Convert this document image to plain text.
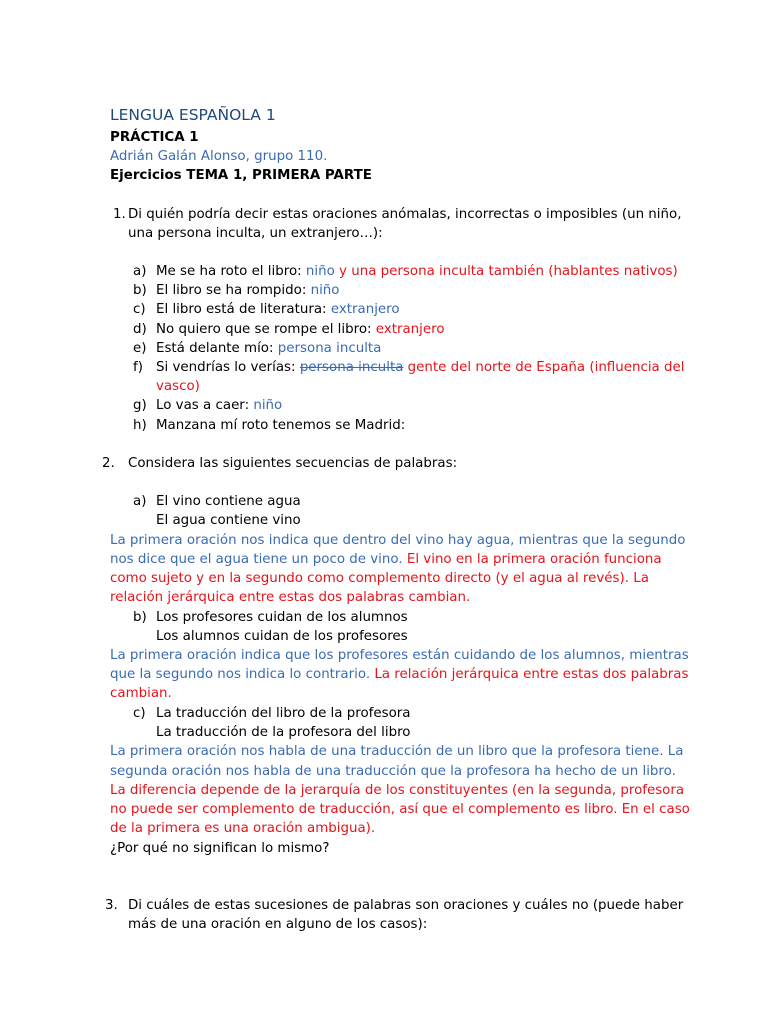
LENGUA ESPAÑOLA 1
PRÁCTICA 1
Adrián Galán Alonso, grupo 110.
Ejercicios TEMA 1, PRIMERA PARTE
1. Di quién podría decir estas oraciones anómalas, incorrectas o imposibles (un niño,
una persona inculta, un extranjero…):
a) Me se ha roto el libro: niño y una persona inculta también (hablantes nativos)
b) El libro se ha rompido: niño
c) El libro está de literatura: extranjero
d) No quiero que se rompe el libro: extranjero
e) Está delante mío: persona inculta
f) Si vendrías lo verías: persona inculta gente del norte de España (influencia del
vasco)
g) Lo vas a caer: niño
h) Manzana mí roto tenemos se Madrid:
2. Considera las siguientes secuencias de palabras:
a) El vino contiene agua
El agua contiene vino
La primera oración nos indica que dentro del vino hay agua, mientras que la segundo
nos dice que el agua tiene un poco de vino. El vino en la primera oración funciona
como sujeto y en la segundo como complemento directo (y el agua al revés). La
relación jerárquica entre estas dos palabras cambian.
b) Los profesores cuidan de los alumnos
Los alumnos cuidan de los profesores
La primera oración indica que los profesores están cuidando de los alumnos, mientras
que la segundo nos indica lo contrario. La relación jerárquica entre estas dos palabras
cambian.
c) La traducción del libro de la profesora
La traducción de la profesora del libro
La primera oración nos habla de una traducción de un libro que la profesora tiene. La
segunda oración nos habla de una traducción que la profesora ha hecho de un libro.
La diferencia depende de la jerarquía de los constituyentes (en la segunda, profesora
no puede ser complemento de traducción, así que el complemento es libro. En el caso
de la primera es una oración ambigua).
¿Por qué no significan lo mismo?
3. Di cuáles de estas sucesiones de palabras son oraciones y cuáles no (puede haber
más de una oración en alguno de los casos):
